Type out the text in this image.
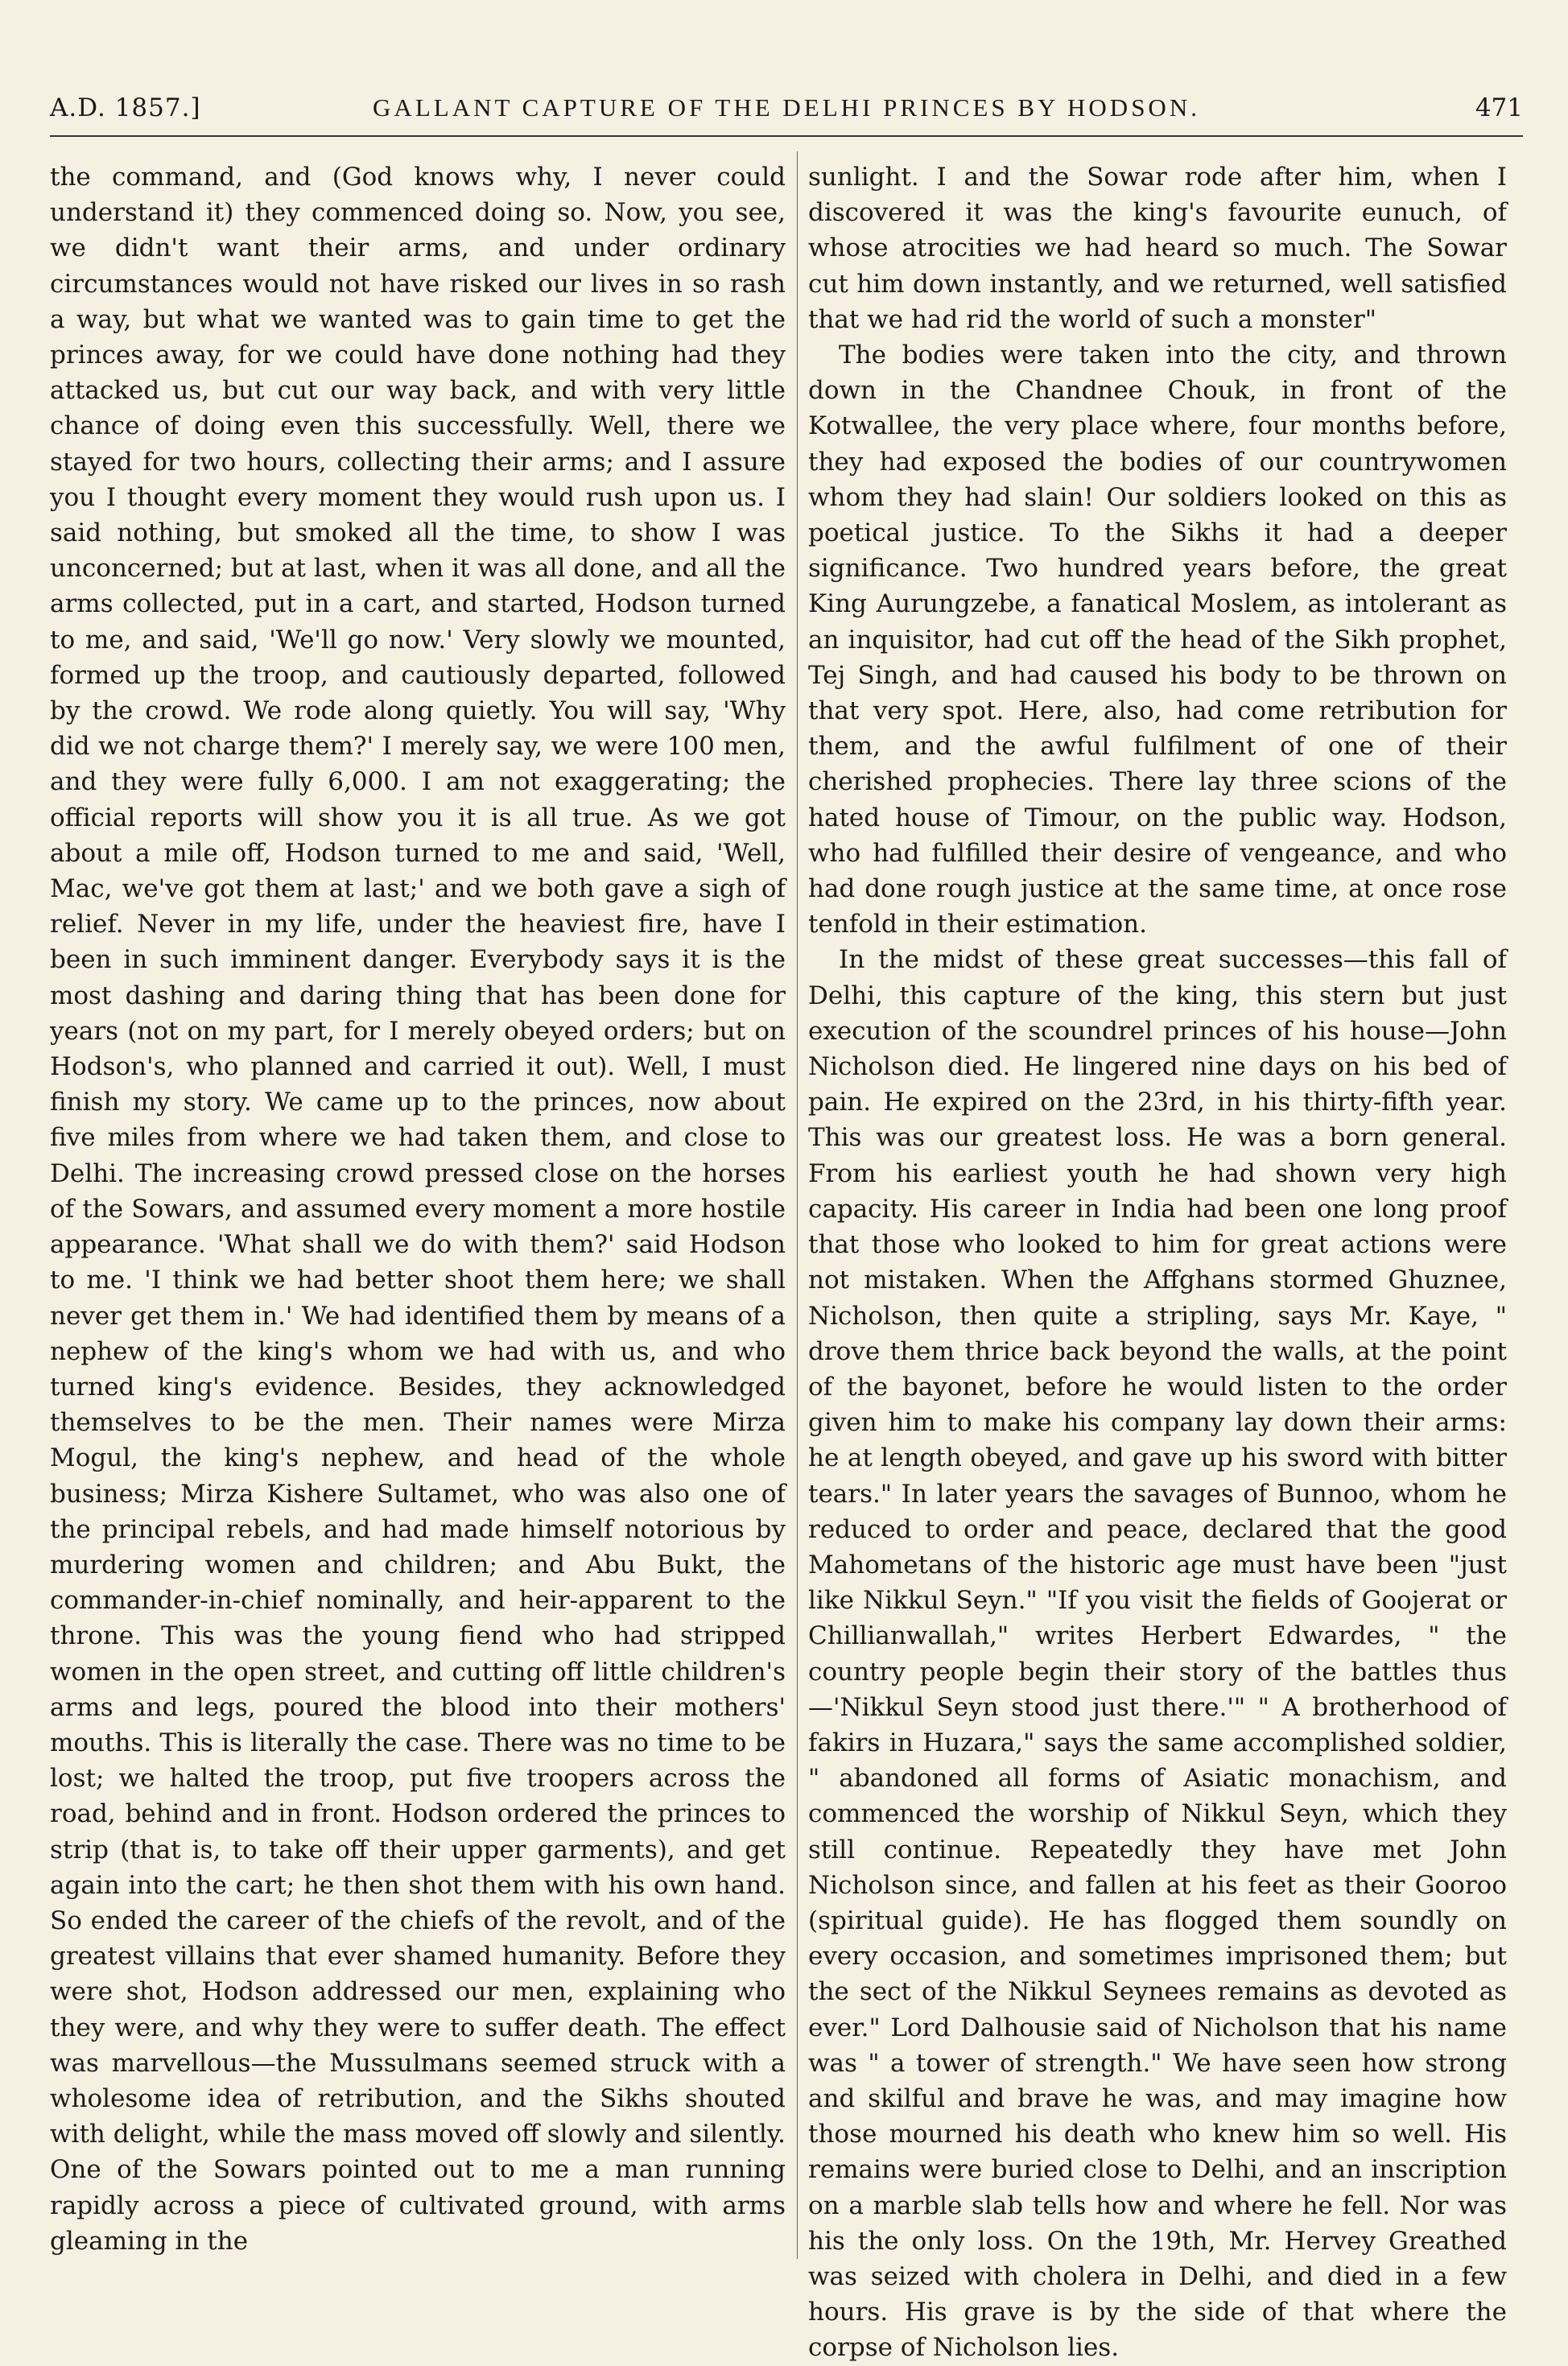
A.D. 1857.]	GALLANT CAPTURE OF THE DELHI PRINCES BY HODSON.	471

the command, and (God knows why, I never could understand it) they commenced doing so. Now, you see, we didn't want their arms, and under ordinary circumstances would not have risked our lives in so rash a way, but what we wanted was to gain time to get the princes away, for we could have done nothing had they attacked us, but cut our way back, and with very little chance of doing even this successfully. Well, there we stayed for two hours, collecting their arms; and I assure you I thought every moment they would rush upon us. I said nothing, but smoked all the time, to show I was unconcerned; but at last, when it was all done, and all the arms collected, put in a cart, and started, Hodson turned to me, and said, 'We'll go now.' Very slowly we mounted, formed up the troop, and cautiously departed, followed by the crowd. We rode along quietly. You will say, 'Why did we not charge them?' I merely say, we were 100 men, and they were fully 6,000. I am not exaggerating; the official reports will show you it is all true. As we got about a mile off, Hodson turned to me and said, 'Well, Mac, we've got them at last;' and we both gave a sigh of relief. Never in my life, under the heaviest fire, have I been in such imminent danger. Everybody says it is the most dashing and daring thing that has been done for years (not on my part, for I merely obeyed orders; but on Hodson's, who planned and carried it out). Well, I must finish my story. We came up to the princes, now about five miles from where we had taken them, and close to Delhi. The increasing crowd pressed close on the horses of the Sowars, and assumed every moment a more hostile appearance. 'What shall we do with them?' said Hodson to me. 'I think we had better shoot them here; we shall never get them in.' We had identified them by means of a nephew of the king's whom we had with us, and who turned king's evidence. Besides, they acknowledged themselves to be the men. Their names were Mirza Mogul, the king's nephew, and head of the whole business; Mirza Kishere Sultamet, who was also one of the principal rebels, and had made himself notorious by murdering women and children; and Abu Bukt, the commander-in-chief nominally, and heir-apparent to the throne. This was the young fiend who had stripped women in the open street, and cutting off little children's arms and legs, poured the blood into their mothers' mouths. This is literally the case. There was no time to be lost; we halted the troop, put five troopers across the road, behind and in front. Hodson ordered the princes to strip (that is, to take off their upper garments), and get again into the cart; he then shot them with his own hand. So ended the career of the chiefs of the revolt, and of the greatest villains that ever shamed humanity. Before they were shot, Hodson addressed our men, explaining who they were, and why they were to suffer death. The effect was marvellous—the Mussulmans seemed struck with a wholesome idea of retribution, and the Sikhs shouted with delight, while the mass moved off slowly and silently. One of the Sowars pointed out to me a man running rapidly across a piece of cultivated ground, with arms gleaming in the

sunlight. I and the Sowar rode after him, when I discovered it was the king's favourite eunuch, of whose atrocities we had heard so much. The Sowar cut him down instantly, and we returned, well satisfied that we had rid the world of such a monster"

The bodies were taken into the city, and thrown down in the Chandnee Chouk, in front of the Kotwallee, the very place where, four months before, they had exposed the bodies of our countrywomen whom they had slain! Our soldiers looked on this as poetical justice. To the Sikhs it had a deeper significance. Two hundred years before, the great King Aurungzebe, a fanatical Moslem, as intolerant as an inquisitor, had cut off the head of the Sikh prophet, Tej Singh, and had caused his body to be thrown on that very spot. Here, also, had come retribution for them, and the awful fulfilment of one of their cherished prophecies. There lay three scions of the hated house of Timour, on the public way. Hodson, who had fulfilled their desire of vengeance, and who had done rough justice at the same time, at once rose tenfold in their estimation.

In the midst of these great successes—this fall of Delhi, this capture of the king, this stern but just execution of the scoundrel princes of his house—John Nicholson died. He lingered nine days on his bed of pain. He expired on the 23rd, in his thirty-fifth year. This was our greatest loss. He was a born general. From his earliest youth he had shown very high capacity. His career in India had been one long proof that those who looked to him for great actions were not mistaken. When the Affghans stormed Ghuznee, Nicholson, then quite a stripling, says Mr. Kaye, " drove them thrice back beyond the walls, at the point of the bayonet, before he would listen to the order given him to make his company lay down their arms: he at length obeyed, and gave up his sword with bitter tears." In later years the savages of Bunnoo, whom he reduced to order and peace, declared that the good Mahometans of the historic age must have been "just like Nikkul Seyn." "If you visit the fields of Goojerat or Chillianwallah," writes Herbert Edwardes, " the country people begin their story of the battles thus—'Nikkul Seyn stood just there.'" " A brotherhood of fakirs in Huzara," says the same accomplished soldier, " abandoned all forms of Asiatic monachism, and commenced the worship of Nikkul Seyn, which they still continue. Repeatedly they have met John Nicholson since, and fallen at his feet as their Gooroo (spiritual guide). He has flogged them soundly on every occasion, and sometimes imprisoned them; but the sect of the Nikkul Seynees remains as devoted as ever." Lord Dalhousie said of Nicholson that his name was " a tower of strength." We have seen how strong and skilful and brave he was, and may imagine how those mourned his death who knew him so well. His remains were buried close to Delhi, and an inscription on a marble slab tells how and where he fell. Nor was his the only loss. On the 19th, Mr. Hervey Greathed was seized with cholera in Delhi, and died in a few hours. His grave is by the side of that where the corpse of Nicholson lies.
